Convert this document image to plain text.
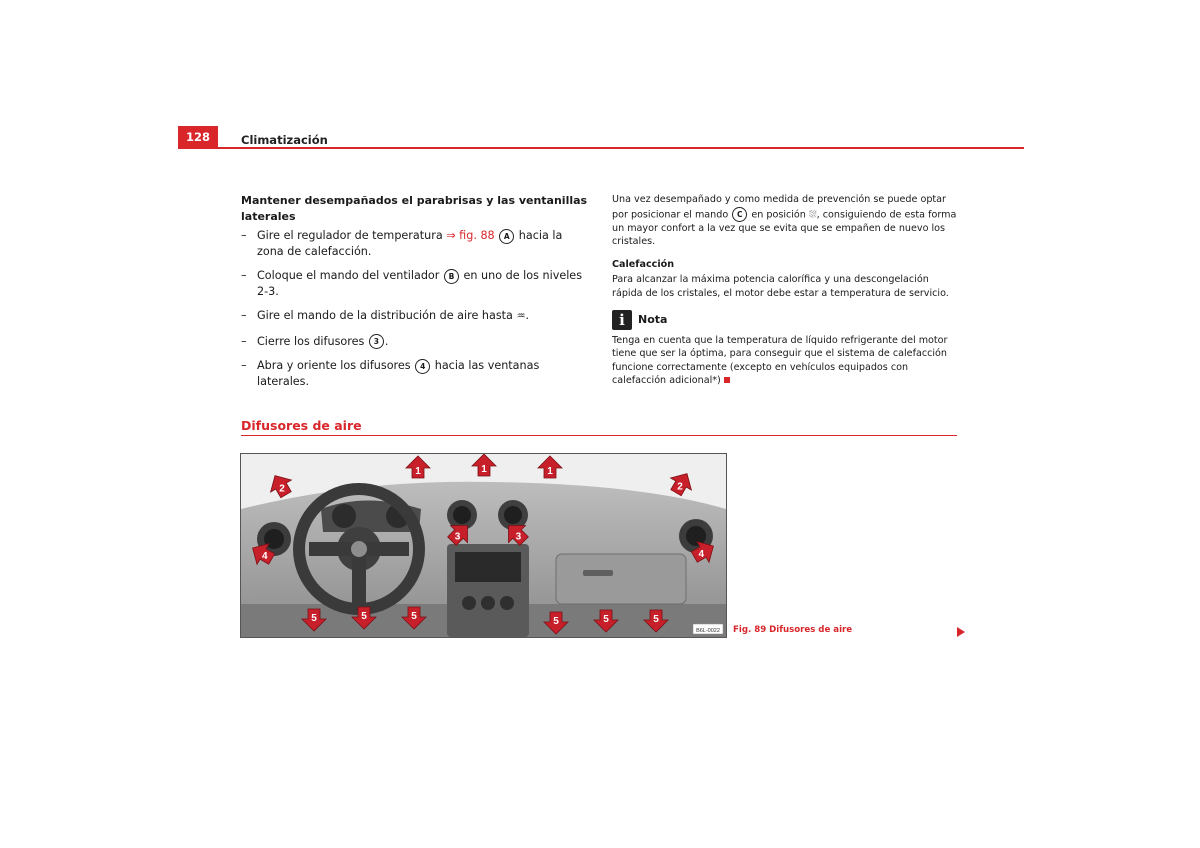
128	Climatización
Mantener desempañados el parabrisas y las ventanillas laterales
– Gire el regulador de temperatura ⇒ fig. 88 A hacia la zona de calefacción.
– Coloque el mando del ventilador B en uno de los niveles 2-3.
– Gire el mando de la distribución de aire hasta ♒.
– Cierre los difusores 3 .
– Abra y oriente los difusores 4 hacia las ventanas laterales.

Una vez desempañado y como medida de prevención se puede optar por posicionar el mando C en posición ⛆, consiguiendo de esta forma un mayor confort a la vez que se evita que se empañen de nuevo los cristales.

Calefacción

Para alcanzar la máxima potencia calorífica y una descongelación rápida de los cristales, el motor debe estar a temperatura de servicio.

i	Nota

Tenga en cuenta que la temperatura de líquido refrigerante del motor tiene que ser la óptima, para conseguir que el sistema de calefacción funcione correctamente (excepto en vehículos equipados con calefacción adicional*)

Difusores de aire
B6L-0022
1	1	1
2	2
3	3
4	4
5	5	5	5	5	5
Fig. 89 Difusores de aire
